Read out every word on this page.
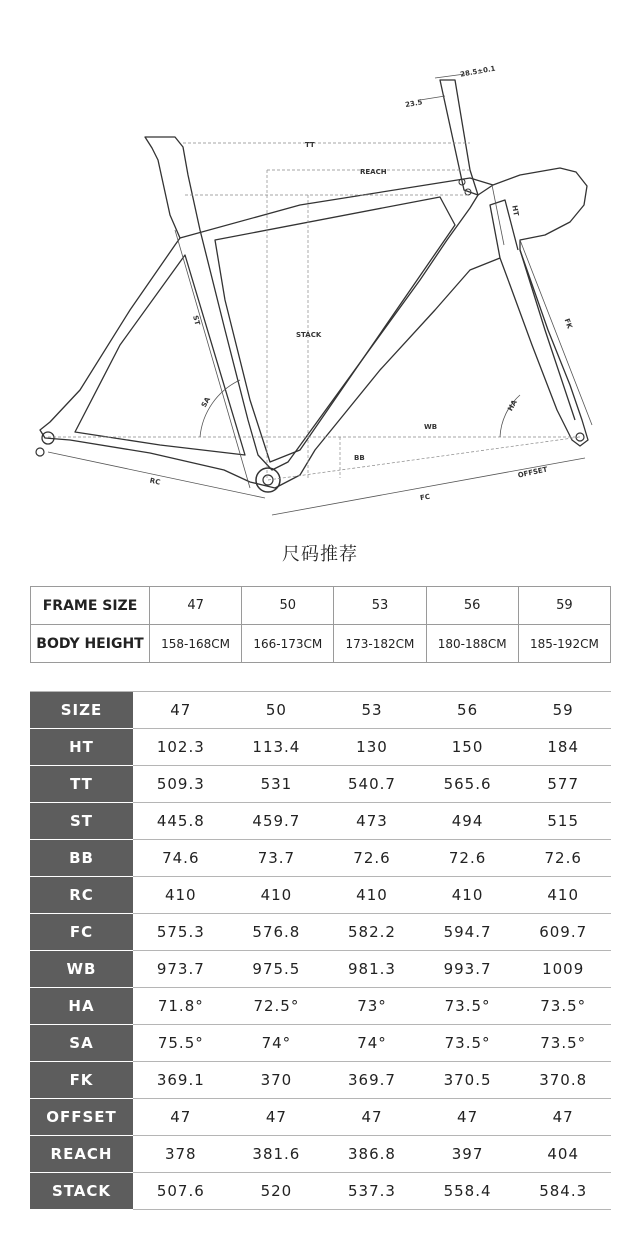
TT
REACH
STACK
ST
SA
WB
BB
RC
FC
HT
FK
HA
OFFSET
28.5±0.1
23.5
尺码推荐
FRAME SIZE	47	50	53	56	59
BODY HEIGHT	158-168CM	166-173CM	173-182CM	180-188CM	185-192CM
SIZE	47	50	53	56	59
HT	102.3	113.4	130	150	184
TT	509.3	531	540.7	565.6	577
ST	445.8	459.7	473	494	515
BB	74.6	73.7	72.6	72.6	72.6
RC	410	410	410	410	410
FC	575.3	576.8	582.2	594.7	609.7
WB	973.7	975.5	981.3	993.7	1009
HA	71.8°	72.5°	73°	73.5°	73.5°
SA	75.5°	74°	74°	73.5°	73.5°
FK	369.1	370	369.7	370.5	370.8
OFFSET	47	47	47	47	47
REACH	378	381.6	386.8	397	404
STACK	507.6	520	537.3	558.4	584.3
